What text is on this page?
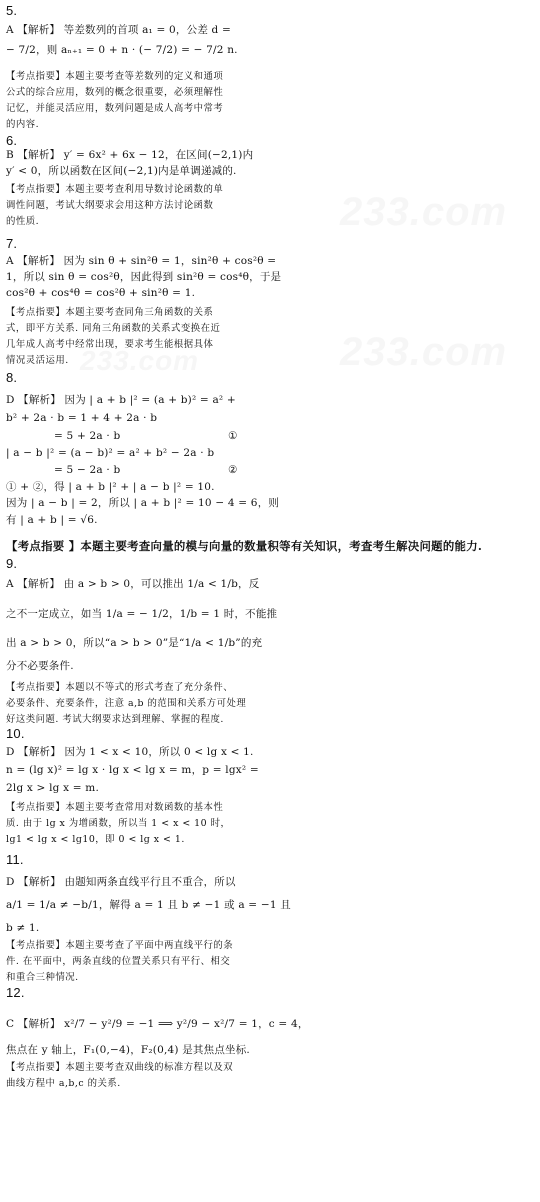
233.com
233.com
233.com
5.
A 【解析】 等差数列的首项 a₁ = 0，公差 d =
− 7/2，则 aₙ₊₁ = 0 + n · (− 7/2) = − 7/2 n.
【考点指要】本题主要考查等差数列的定义和通项
公式的综合应用，数列的概念很重要，必须理解性
记忆，并能灵活应用，数列问题是成人高考中常考
的内容.
6.
B 【解析】 y′ = 6x² + 6x − 12，在区间(−2,1)内
y′ < 0，所以函数在区间(−2,1)内是单调递减的.
【考点指要】本题主要考查利用导数讨论函数的单
调性问题，考试大纲要求会用这种方法讨论函数
的性质.
7.
A 【解析】 因为 sin θ + sin²θ = 1，sin²θ + cos²θ =
1，所以 sin θ = cos²θ，因此得到 sin²θ = cos⁴θ，于是
cos²θ + cos⁴θ = cos²θ + sin²θ = 1.
【考点指要】本题主要考查同角三角函数的关系
式，即平方关系. 同角三角函数的关系式变换在近
几年成人高考中经常出现，要求考生能根据具体
情况灵活运用.
8.
D 【解析】 因为 | a + b |² = (a + b)² = a² +
b² + 2a · b = 1 + 4 + 2a · b
= 5 + 2a · b	①
| a − b |² = (a − b)² = a² + b² − 2a · b
= 5 − 2a · b	②
① + ②，得 | a + b |² + | a − b |² = 10.
因为 | a − b | = 2，所以 | a + b |² = 10 − 4 = 6，则
有 | a + b | = √6.
【考点指要 】本题主要考查向量的模与向量的数量积等有关知识，考查考生解决问题的能力.
9.
A 【解析】 由 a > b > 0，可以推出 1/a < 1/b，反
之不一定成立，如当 1/a = − 1/2，1/b = 1 时，不能推
出 a > b > 0，所以“a > b > 0”是“1/a < 1/b”的充
分不必要条件.
【考点指要】本题以不等式的形式考查了充分条件、
必要条件、充要条件，注意 a,b 的范围和关系方可处理
好这类问题. 考试大纲要求达到理解、掌握的程度.
10.
D 【解析】 因为 1 < x < 10，所以 0 < lg x < 1.
n = (lg x)² = lg x · lg x < lg x = m，p = lgx² =
2lg x > lg x = m.
【考点指要】本题主要考查常用对数函数的基本性
质. 由于 lg x 为增函数，所以当 1 < x < 10 时，
lg1 < lg x < lg10，即 0 < lg x < 1.
11.
D 【解析】 由题知两条直线平行且不重合，所以
a/1 = 1/a ≠ −b/1，解得 a = 1 且 b ≠ −1 或 a = −1 且
b ≠ 1.
【考点指要】本题主要考查了平面中两直线平行的条
件. 在平面中，两条直线的位置关系只有平行、相交
和重合三种情况.
12.
C 【解析】 x²/7 − y²/9 = −1 ⟹ y²/9 − x²/7 = 1，c = 4，
焦点在 y 轴上，F₁(0,−4)，F₂(0,4) 是其焦点坐标.
【考点指要】本题主要考查双曲线的标准方程以及双
曲线方程中 a,b,c 的关系.
